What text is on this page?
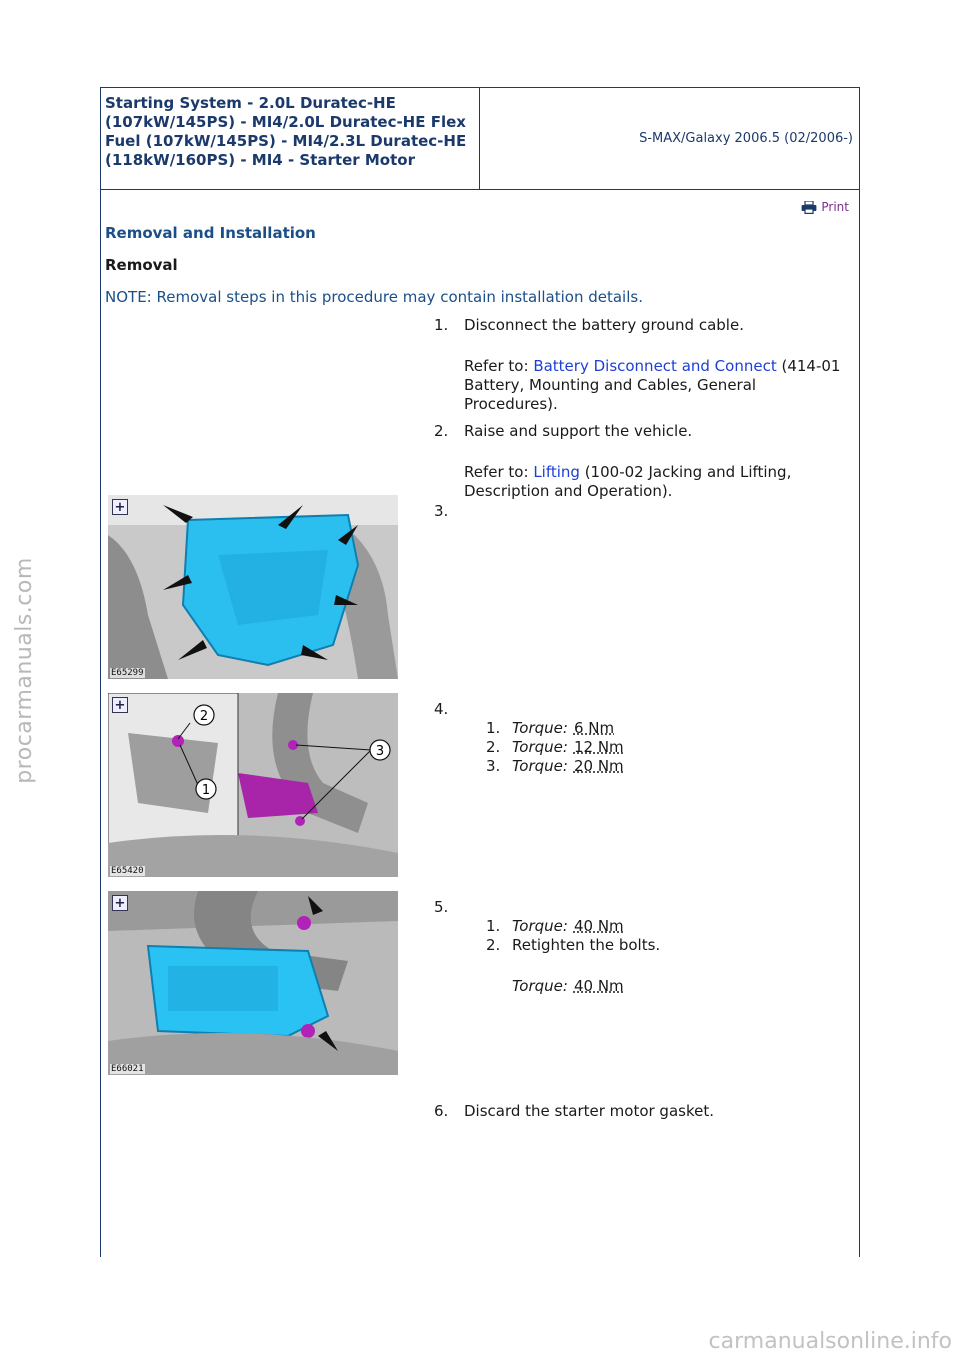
procarmanuals.com
Starting System - 2.0L Duratec-HE (107kW/145PS) - MI4/2.0L Duratec-HE Flex Fuel (107kW/145PS) - MI4/2.3L Duratec-HE (118kW/160PS) - MI4 - Starter Motor
S-MAX/Galaxy 2006.5 (02/2006-)
Print
Removal and Installation
Removal
NOTE: Removal steps in this procedure may contain installation details.
1. Disconnect the battery ground cable.
Refer to: Battery Disconnect and Connect (414-01 Battery, Mounting and Cables, General Procedures).
2. Raise and support the vehicle.
Refer to: Lifting (100-02 Jacking and Lifting, Description and Operation).
3.
+
E65299
4.
2
1
3
+
E65420
1. Torque: 6 Nm
2. Torque: 12 Nm
3. Torque: 20 Nm
5.
+
E66021
1. Torque: 40 Nm
2. Retighten the bolts.
Torque: 40 Nm
6. Discard the starter motor gasket.
carmanualsonline.info
